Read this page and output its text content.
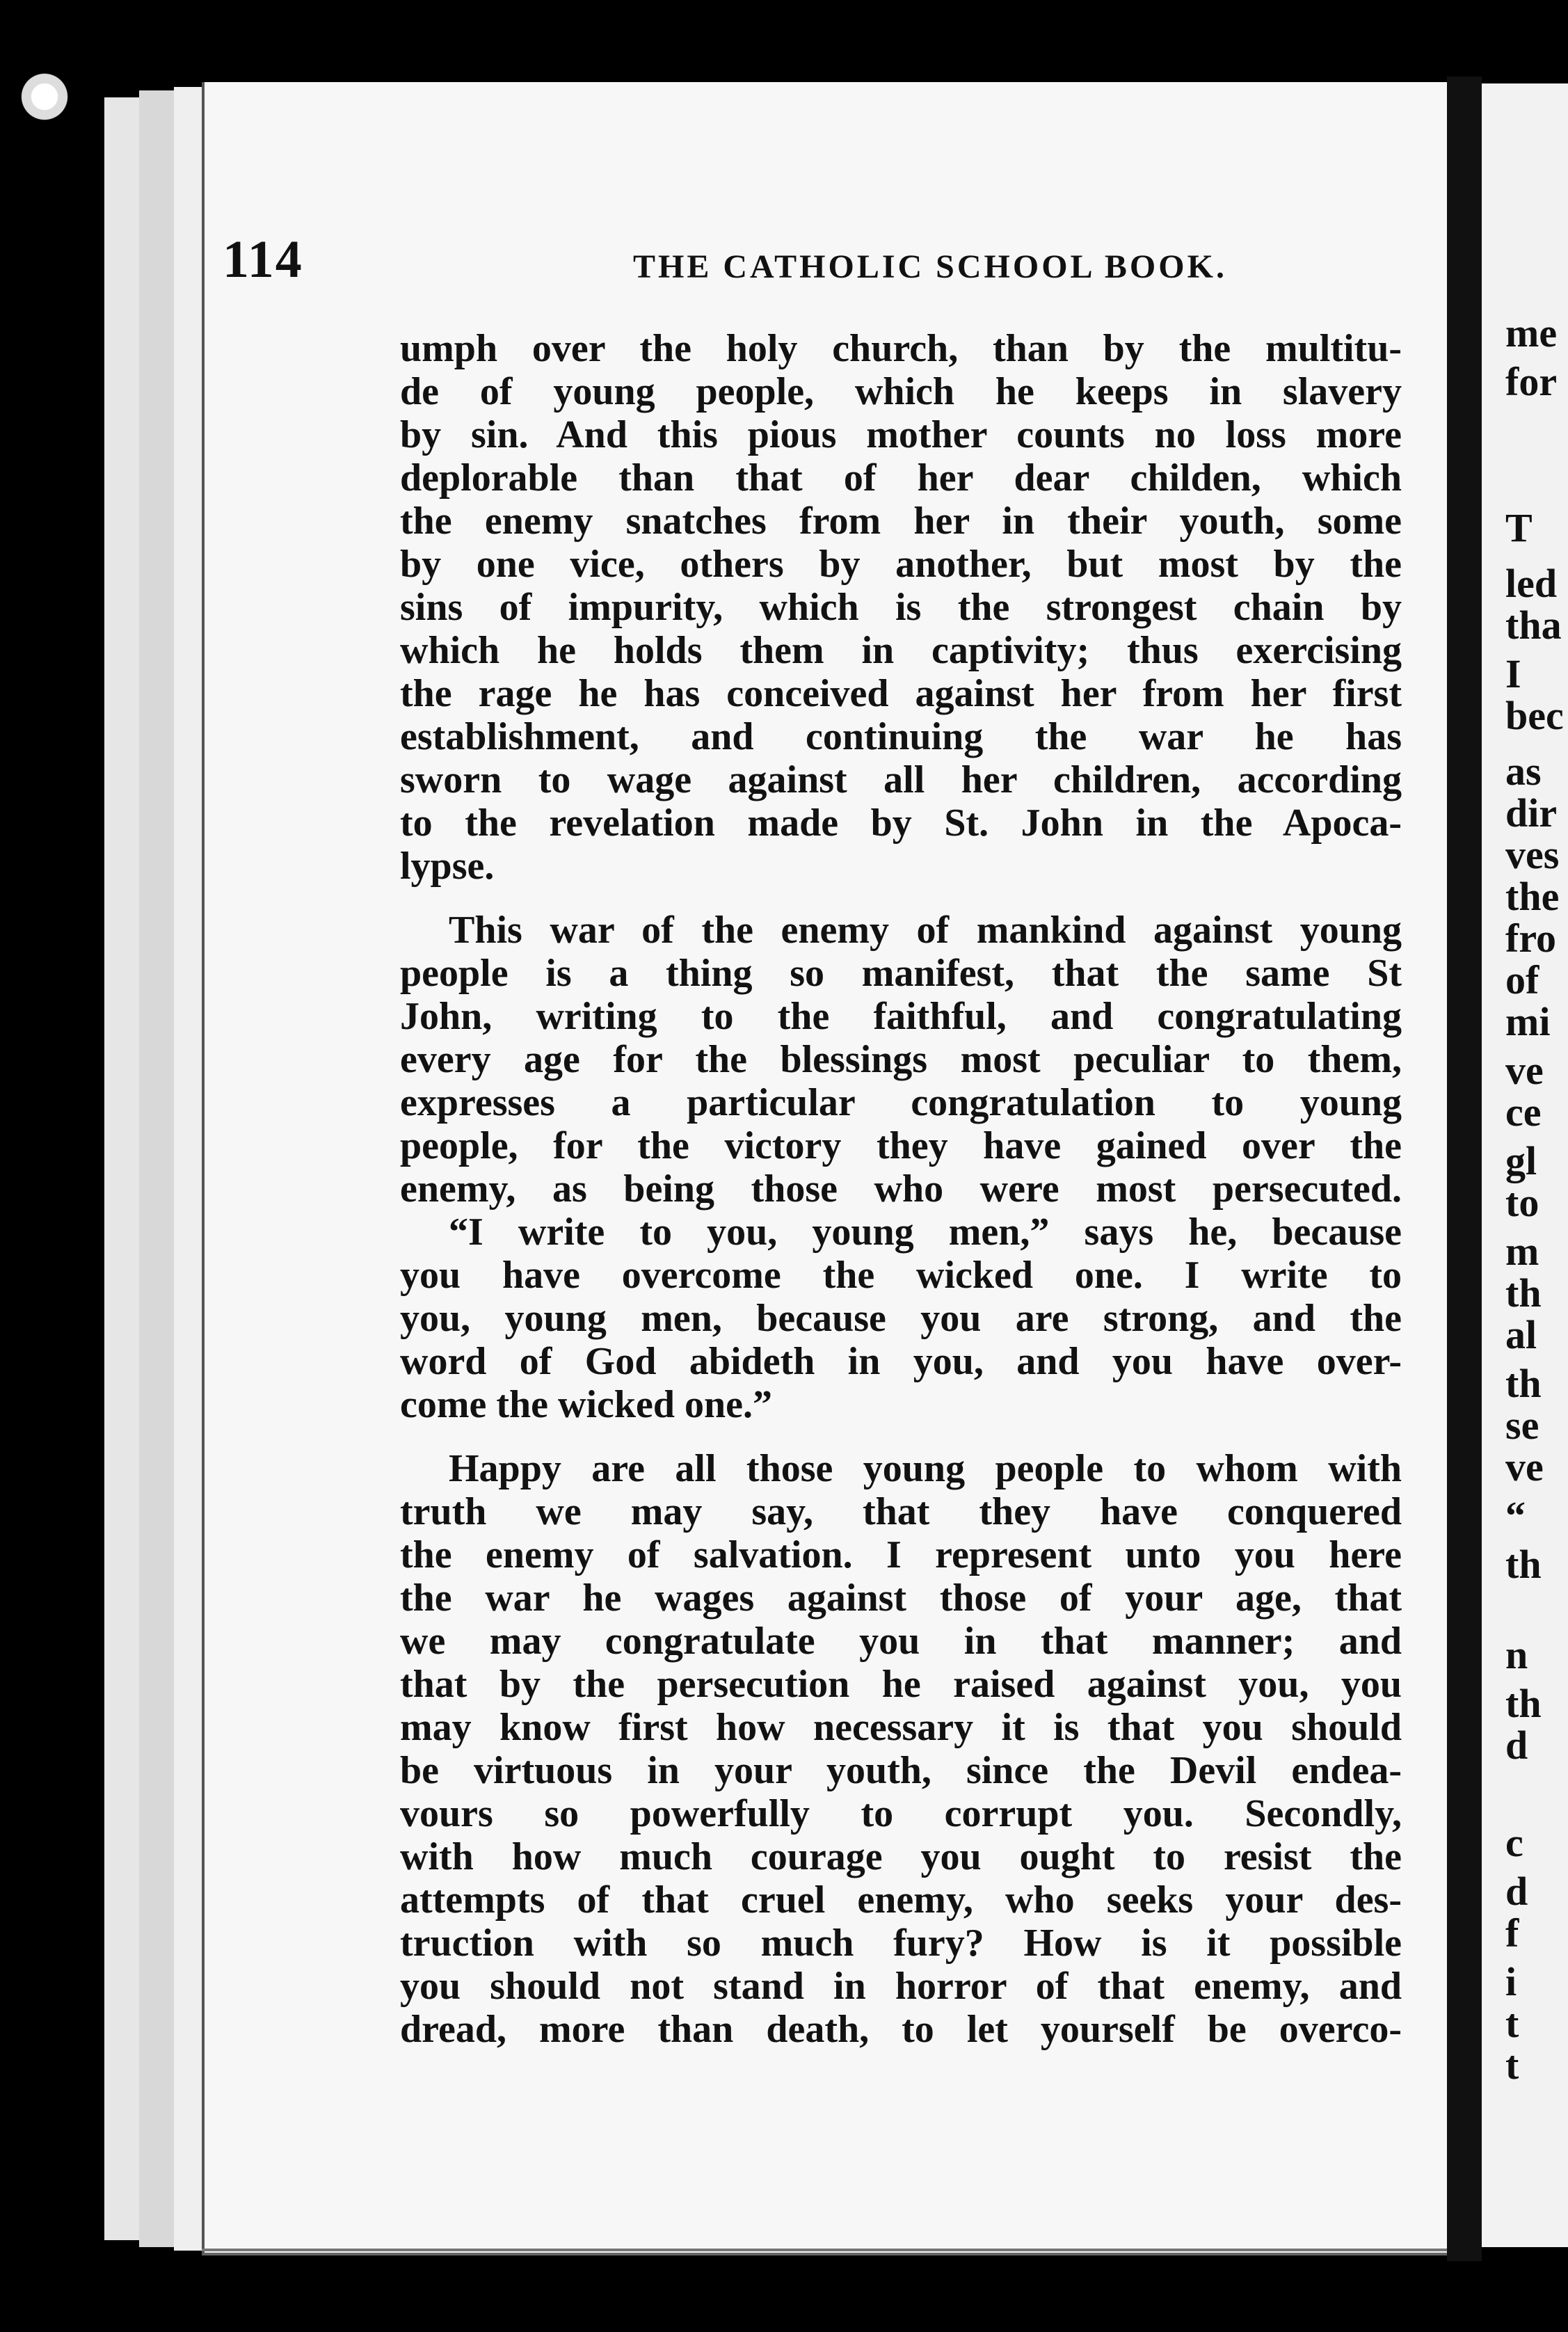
me
for
T
led
tha
I
bec
as
dir
ves
the
fro
of
mi
ve
ce
gl
to
m
th
al
th
se
ve
“
th
n
th
d
c
d
f
i
t
t
114	THE CATHOLIC SCHOOL BOOK.
umph over the holy church, than by the multitu-
de of young people, which he keeps in slavery
by sin. And this pious mother counts no loss more
deplorable than that of her dear childen, which
the enemy snatches from her in their youth, some
by one vice, others by another, but most by the
sins of impurity, which is the strongest chain by
which he holds them in captivity; thus exercising
the rage he has conceived against her from her first
establishment, and continuing the war he has
sworn to wage against all her children, according
to the revelation made by St. John in the Apoca-
lypse.
This war of the enemy of mankind against young
people is a thing so manifest, that the same St
John, writing to the faithful, and congratulating
every age for the blessings most peculiar to them,
expresses a particular congratulation to young
people, for the victory they have gained over the
enemy, as being those who were most persecuted.
“I write to you, young men,” says he, because
you have overcome the wicked one. I write to
you, young men, because you are strong, and the
word of God abideth in you, and you have over-
come the wicked one.”
Happy are all those young people to whom with
truth we may say, that they have conquered
the enemy of salvation. I represent unto you here
the war he wages against those of your age, that
we may congratulate you in that manner; and
that by the persecution he raised against you, you
may know first how necessary it is that you should
be virtuous in your youth, since the Devil endea-
vours so powerfully to corrupt you. Secondly,
with how much courage you ought to resist the
attempts of that cruel enemy, who seeks your des-
truction with so much fury? How is it possible
you should not stand in horror of that enemy, and
dread, more than death, to let yourself be overco-
